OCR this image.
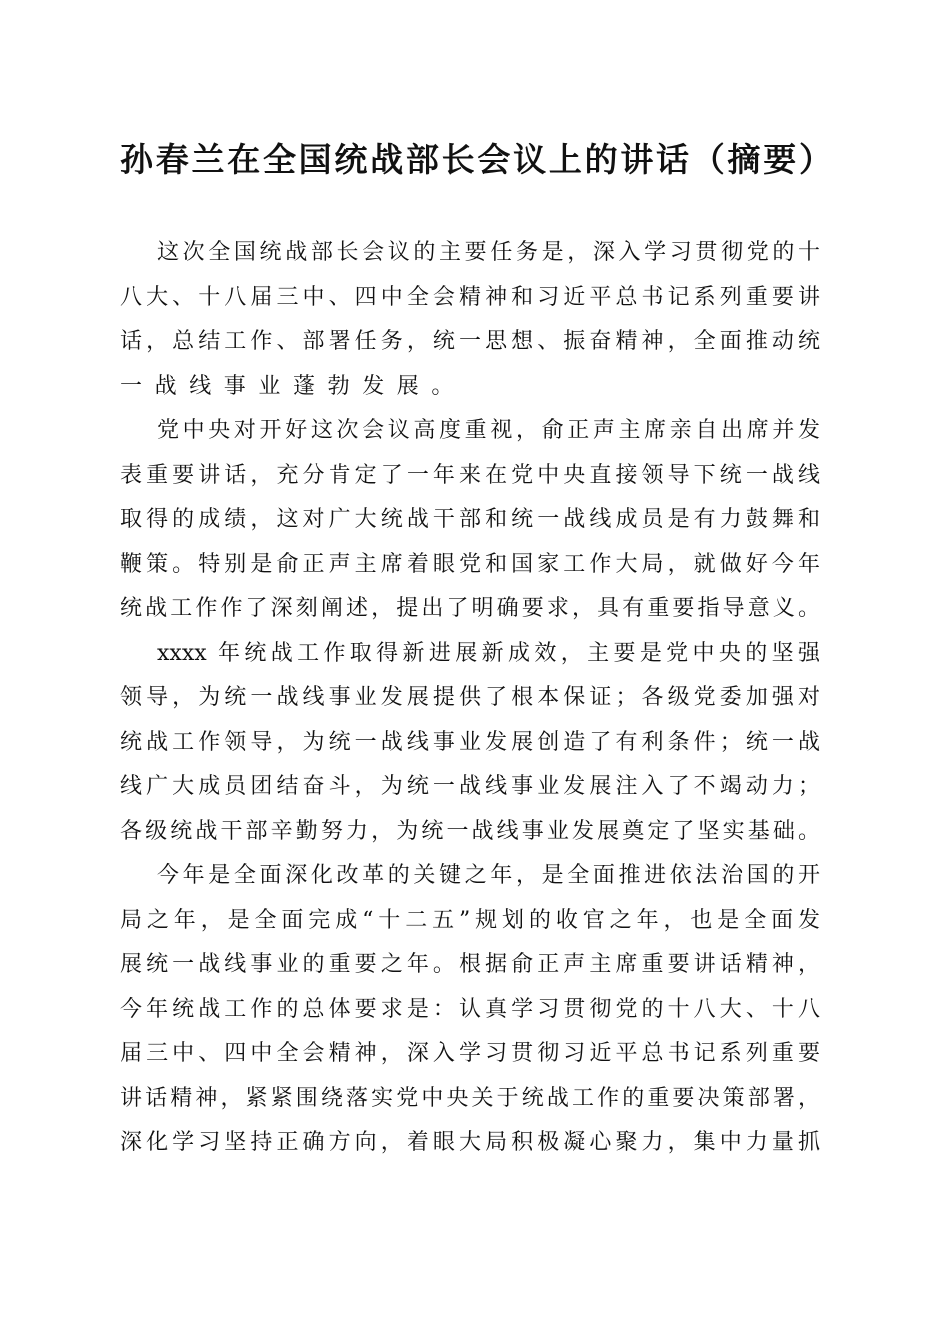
孙春兰在全国统战部长会议上的讲话（摘要）
这次全国统战部长会议的主要任务是，深入学习贯彻党的十
八大、十八届三中、四中全会精神和习近平总书记系列重要讲
话，总结工作、部署任务，统一思想、振奋精神，全面推动统
一战线事业蓬勃发展。
党中央对开好这次会议高度重视，俞正声主席亲自出席并发
表重要讲话，充分肯定了一年来在党中央直接领导下统一战线
取得的成绩，这对广大统战干部和统一战线成员是有力鼓舞和
鞭策。特别是俞正声主席着眼党和国家工作大局，就做好今年
统战工作作了深刻阐述，提出了明确要求，具有重要指导意义。
xxxx 年统战工作取得新进展新成效，主要是党中央的坚强
领导，为统一战线事业发展提供了根本保证；各级党委加强对
统战工作领导，为统一战线事业发展创造了有利条件；统一战
线广大成员团结奋斗，为统一战线事业发展注入了不竭动力；
各级统战干部辛勤努力，为统一战线事业发展奠定了坚实基础。
今年是全面深化改革的关键之年，是全面推进依法治国的开
局之年，是全面完成“十二五”规划的收官之年，也是全面发
展统一战线事业的重要之年。根据俞正声主席重要讲话精神，
今年统战工作的总体要求是：认真学习贯彻党的十八大、十八
届三中、四中全会精神，深入学习贯彻习近平总书记系列重要
讲话精神，紧紧围绕落实党中央关于统战工作的重要决策部署，
深化学习坚持正确方向，着眼大局积极凝心聚力，集中力量抓
